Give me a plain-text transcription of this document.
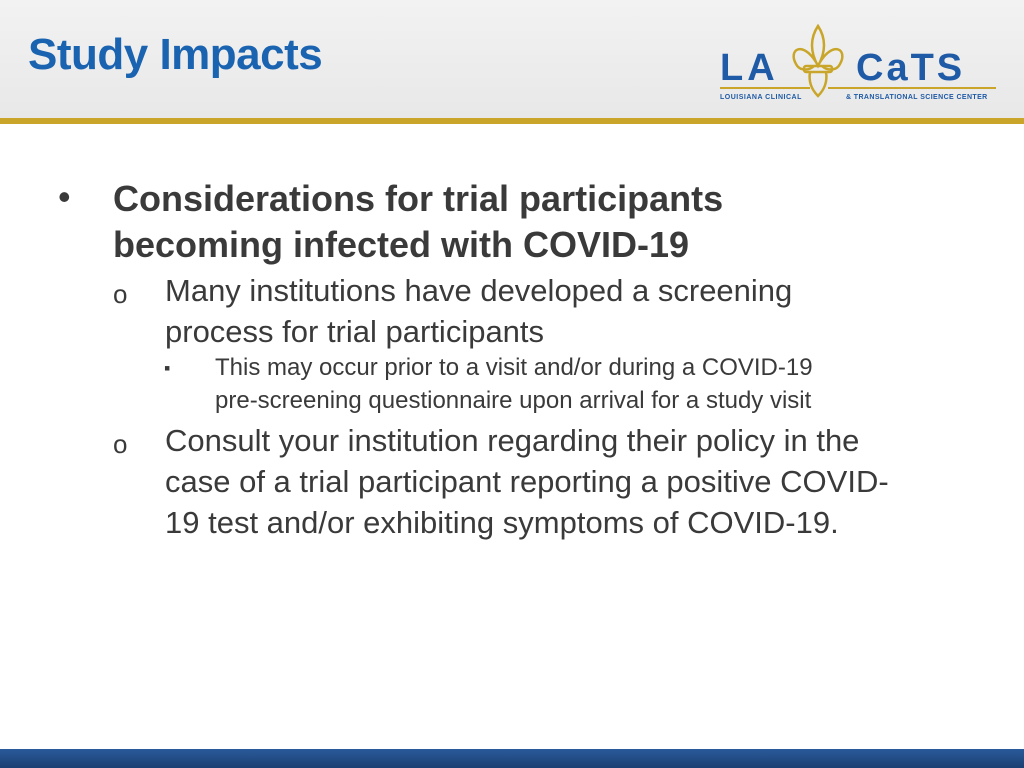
Study Impacts	LA CaTS
LOUISIANA CLINICAL	& TRANSLATIONAL SCIENCE CENTER
• Considerations for trial participants
becoming infected with COVID-19
o Many institutions have developed a screening
process for trial participants
▪ This may occur prior to a visit and/or during a COVID-19
pre-screening questionnaire upon arrival for a study visit
o Consult your institution regarding their policy in the
case of a trial participant reporting a positive COVID-
19 test and/or exhibiting symptoms of COVID-19.
